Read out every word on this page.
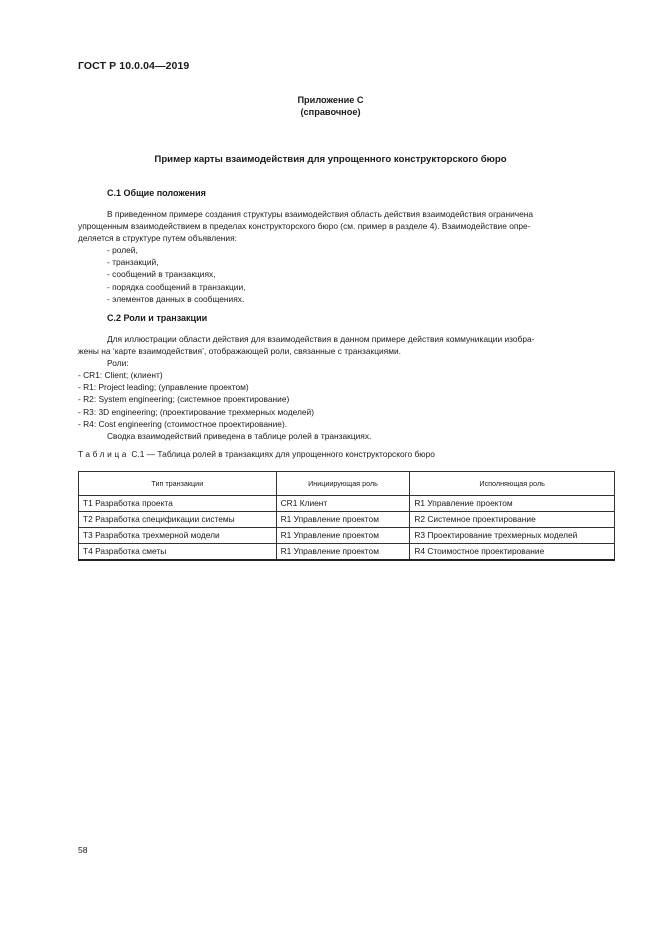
ГОСТ Р 10.0.04—2019
Приложение С
(справочное)
Пример карты взаимодействия для упрощенного конструкторского бюро
С.1 Общие положения

В приведенном примере создания структуры взаимодействия область действия взаимодействия ограничена

упрощенным взаимодействием в пределах конструкторского бюро (см. пример в разделе 4). Взаимодействие опре-

деляется в структуре путем объявления:

- ролей,

- транзакций,

- сообщений в транзакциях,

- порядка сообщений в транзакции,

- элементов данных в сообщениях.

С.2 Роли и транзакции

Для иллюстрации области действия для взаимодействия в данном примере действия коммуникации изобра-

жены на ‘карте взаимодействия’, отображающей роли, связанные с транзакциями.

Роли:

- CR1: Client; (клиент)

- R1: Project leading; (управление проектом)

- R2: System engineering; (системное проектирование)

- R3: 3D engineering; (проектирование трехмерных моделей)

- R4: Cost engineering (стоимостное проектирование).

Сводка взаимодействий приведена в таблице ролей в транзакциях.

Таблица С.1 — Таблица ролей в транзакциях для упрощенного конструкторского бюро
Тип транзакции	Инициирующая роль	Исполняющая роль
Т1 Разработка проекта	CR1 Клиент	R1 Управление проектом
Т2 Разработка спецификации системы	R1 Управление проектом	R2 Системное проектирование
Т3 Разработка трехмерной модели	R1 Управление проектом	R3 Проектирование трехмерных моделей
Т4 Разработка сметы	R1 Управление проектом	R4 Стоимостное проектирование
58
